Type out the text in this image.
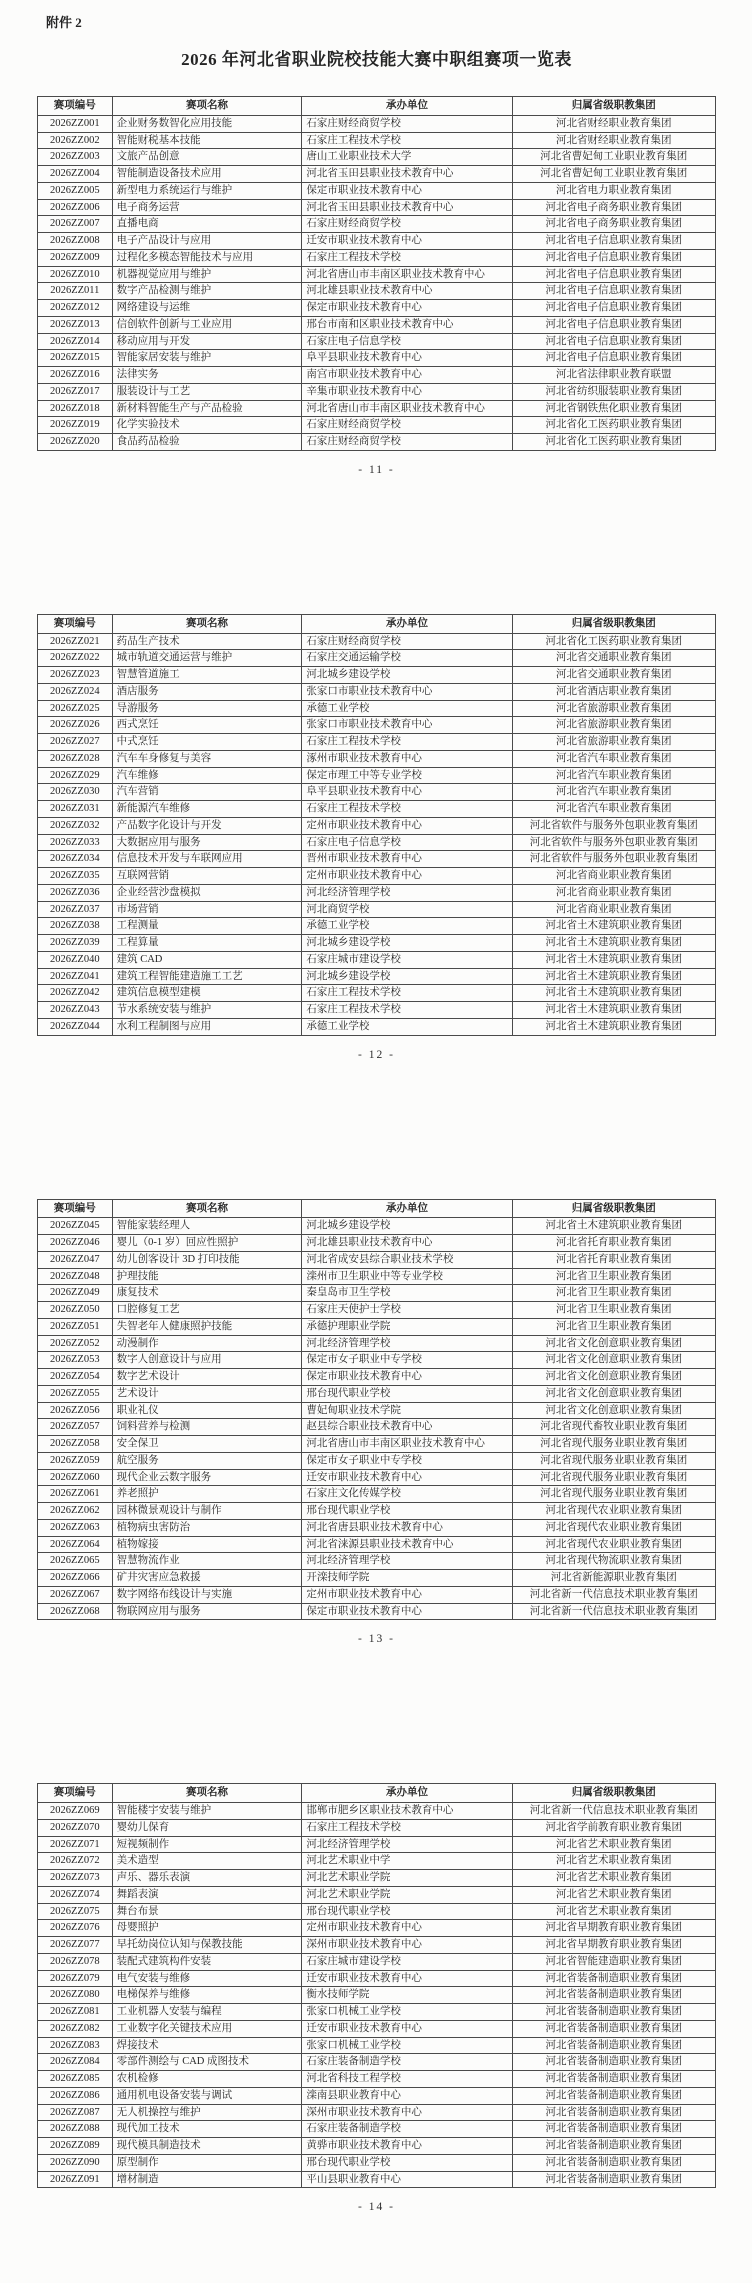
附件 2
2026 年河北省职业院校技能大赛中职组赛项一览表
赛项编号	赛项名称	承办单位	归属省级职教集团
2026ZZ001	企业财务数智化应用技能	石家庄财经商贸学校	河北省财经职业教育集团
2026ZZ002	智能财税基本技能	石家庄工程技术学校	河北省财经职业教育集团
2026ZZ003	文旅产品创意	唐山工业职业技术大学	河北省曹妃甸工业职业教育集团
2026ZZ004	智能制造设备技术应用	河北省玉田县职业技术教育中心	河北省曹妃甸工业职业教育集团
2026ZZ005	新型电力系统运行与维护	保定市职业技术教育中心	河北省电力职业教育集团
2026ZZ006	电子商务运营	河北省玉田县职业技术教育中心	河北省电子商务职业教育集团
2026ZZ007	直播电商	石家庄财经商贸学校	河北省电子商务职业教育集团
2026ZZ008	电子产品设计与应用	迁安市职业技术教育中心	河北省电子信息职业教育集团
2026ZZ009	过程化多模态智能技术与应用	石家庄工程技术学校	河北省电子信息职业教育集团
2026ZZ010	机器视觉应用与维护	河北省唐山市丰南区职业技术教育中心	河北省电子信息职业教育集团
2026ZZ011	数字产品检测与维护	河北雄县职业技术教育中心	河北省电子信息职业教育集团
2026ZZ012	网络建设与运维	保定市职业技术教育中心	河北省电子信息职业教育集团
2026ZZ013	信创软件创新与工业应用	邢台市南和区职业技术教育中心	河北省电子信息职业教育集团
2026ZZ014	移动应用与开发	石家庄电子信息学校	河北省电子信息职业教育集团
2026ZZ015	智能家居安装与维护	阜平县职业技术教育中心	河北省电子信息职业教育集团
2026ZZ016	法律实务	南宫市职业技术教育中心	河北省法律职业教育联盟
2026ZZ017	服装设计与工艺	辛集市职业技术教育中心	河北省纺织服装职业教育集团
2026ZZ018	新材料智能生产与产品检验	河北省唐山市丰南区职业技术教育中心	河北省钢铁焦化职业教育集团
2026ZZ019	化学实验技术	石家庄财经商贸学校	河北省化工医药职业教育集团
2026ZZ020	食品药品检验	石家庄财经商贸学校	河北省化工医药职业教育集团
- 11 -
赛项编号	赛项名称	承办单位	归属省级职教集团
2026ZZ021	药品生产技术	石家庄财经商贸学校	河北省化工医药职业教育集团
2026ZZ022	城市轨道交通运营与维护	石家庄交通运输学校	河北省交通职业教育集团
2026ZZ023	智慧管道施工	河北城乡建设学校	河北省交通职业教育集团
2026ZZ024	酒店服务	张家口市职业技术教育中心	河北省酒店职业教育集团
2026ZZ025	导游服务	承德工业学校	河北省旅游职业教育集团
2026ZZ026	西式烹饪	张家口市职业技术教育中心	河北省旅游职业教育集团
2026ZZ027	中式烹饪	石家庄工程技术学校	河北省旅游职业教育集团
2026ZZ028	汽车车身修复与美容	涿州市职业技术教育中心	河北省汽车职业教育集团
2026ZZ029	汽车维修	保定市理工中等专业学校	河北省汽车职业教育集团
2026ZZ030	汽车营销	阜平县职业技术教育中心	河北省汽车职业教育集团
2026ZZ031	新能源汽车维修	石家庄工程技术学校	河北省汽车职业教育集团
2026ZZ032	产品数字化设计与开发	定州市职业技术教育中心	河北省软件与服务外包职业教育集团
2026ZZ033	大数据应用与服务	石家庄电子信息学校	河北省软件与服务外包职业教育集团
2026ZZ034	信息技术开发与车联网应用	晋州市职业技术教育中心	河北省软件与服务外包职业教育集团
2026ZZ035	互联网营销	定州市职业技术教育中心	河北省商业职业教育集团
2026ZZ036	企业经营沙盘模拟	河北经济管理学校	河北省商业职业教育集团
2026ZZ037	市场营销	河北商贸学校	河北省商业职业教育集团
2026ZZ038	工程测量	承德工业学校	河北省土木建筑职业教育集团
2026ZZ039	工程算量	河北城乡建设学校	河北省土木建筑职业教育集团
2026ZZ040	建筑 CAD	石家庄城市建设学校	河北省土木建筑职业教育集团
2026ZZ041	建筑工程智能建造施工工艺	河北城乡建设学校	河北省土木建筑职业教育集团
2026ZZ042	建筑信息模型建模	石家庄工程技术学校	河北省土木建筑职业教育集团
2026ZZ043	节水系统安装与维护	石家庄工程技术学校	河北省土木建筑职业教育集团
2026ZZ044	水利工程制图与应用	承德工业学校	河北省土木建筑职业教育集团
- 12 -
赛项编号	赛项名称	承办单位	归属省级职教集团
2026ZZ045	智能家装经理人	河北城乡建设学校	河北省土木建筑职业教育集团
2026ZZ046	婴儿（0-1 岁）回应性照护	河北雄县职业技术教育中心	河北省托育职业教育集团
2026ZZ047	幼儿创客设计 3D 打印技能	河北省成安县综合职业技术学校	河北省托育职业教育集团
2026ZZ048	护理技能	滦州市卫生职业中等专业学校	河北省卫生职业教育集团
2026ZZ049	康复技术	秦皇岛市卫生学校	河北省卫生职业教育集团
2026ZZ050	口腔修复工艺	石家庄天使护士学校	河北省卫生职业教育集团
2026ZZ051	失智老年人健康照护技能	承德护理职业学院	河北省卫生职业教育集团
2026ZZ052	动漫制作	河北经济管理学校	河北省文化创意职业教育集团
2026ZZ053	数字人创意设计与应用	保定市女子职业中专学校	河北省文化创意职业教育集团
2026ZZ054	数字艺术设计	保定市职业技术教育中心	河北省文化创意职业教育集团
2026ZZ055	艺术设计	邢台现代职业学校	河北省文化创意职业教育集团
2026ZZ056	职业礼仪	曹妃甸职业技术学院	河北省文化创意职业教育集团
2026ZZ057	饲料营养与检测	赵县综合职业技术教育中心	河北省现代畜牧业职业教育集团
2026ZZ058	安全保卫	河北省唐山市丰南区职业技术教育中心	河北省现代服务业职业教育集团
2026ZZ059	航空服务	保定市女子职业中专学校	河北省现代服务业职业教育集团
2026ZZ060	现代企业云数字服务	迁安市职业技术教育中心	河北省现代服务业职业教育集团
2026ZZ061	养老照护	石家庄文化传媒学校	河北省现代服务业职业教育集团
2026ZZ062	园林微景观设计与制作	邢台现代职业学校	河北省现代农业职业教育集团
2026ZZ063	植物病虫害防治	河北省唐县职业技术教育中心	河北省现代农业职业教育集团
2026ZZ064	植物嫁接	河北省涞源县职业技术教育中心	河北省现代农业职业教育集团
2026ZZ065	智慧物流作业	河北经济管理学校	河北省现代物流职业教育集团
2026ZZ066	矿井灾害应急救援	开滦技师学院	河北省新能源职业教育集团
2026ZZ067	数字网络布线设计与实施	定州市职业技术教育中心	河北省新一代信息技术职业教育集团
2026ZZ068	物联网应用与服务	保定市职业技术教育中心	河北省新一代信息技术职业教育集团
- 13 -
赛项编号	赛项名称	承办单位	归属省级职教集团
2026ZZ069	智能楼宇安装与维护	邯郸市肥乡区职业技术教育中心	河北省新一代信息技术职业教育集团
2026ZZ070	婴幼儿保育	石家庄工程技术学校	河北省学前教育职业教育集团
2026ZZ071	短视频制作	河北经济管理学校	河北省艺术职业教育集团
2026ZZ072	美术造型	河北艺术职业中学	河北省艺术职业教育集团
2026ZZ073	声乐、器乐表演	河北艺术职业学院	河北省艺术职业教育集团
2026ZZ074	舞蹈表演	河北艺术职业学院	河北省艺术职业教育集团
2026ZZ075	舞台布景	邢台现代职业学校	河北省艺术职业教育集团
2026ZZ076	母婴照护	定州市职业技术教育中心	河北省早期教育职业教育集团
2026ZZ077	早托幼岗位认知与保教技能	深州市职业技术教育中心	河北省早期教育职业教育集团
2026ZZ078	装配式建筑构件安装	石家庄城市建设学校	河北省智能建造职业教育集团
2026ZZ079	电气安装与维修	迁安市职业技术教育中心	河北省装备制造职业教育集团
2026ZZ080	电梯保养与维修	衡水技师学院	河北省装备制造职业教育集团
2026ZZ081	工业机器人安装与编程	张家口机械工业学校	河北省装备制造职业教育集团
2026ZZ082	工业数字化关键技术应用	迁安市职业技术教育中心	河北省装备制造职业教育集团
2026ZZ083	焊接技术	张家口机械工业学校	河北省装备制造职业教育集团
2026ZZ084	零部件测绘与 CAD 成图技术	石家庄装备制造学校	河北省装备制造职业教育集团
2026ZZ085	农机检修	河北省科技工程学校	河北省装备制造职业教育集团
2026ZZ086	通用机电设备安装与调试	滦南县职业教育中心	河北省装备制造职业教育集团
2026ZZ087	无人机操控与维护	深州市职业技术教育中心	河北省装备制造职业教育集团
2026ZZ088	现代加工技术	石家庄装备制造学校	河北省装备制造职业教育集团
2026ZZ089	现代模具制造技术	黄骅市职业技术教育中心	河北省装备制造职业教育集团
2026ZZ090	原型制作	邢台现代职业学校	河北省装备制造职业教育集团
2026ZZ091	增材制造	平山县职业教育中心	河北省装备制造职业教育集团
- 14 -
